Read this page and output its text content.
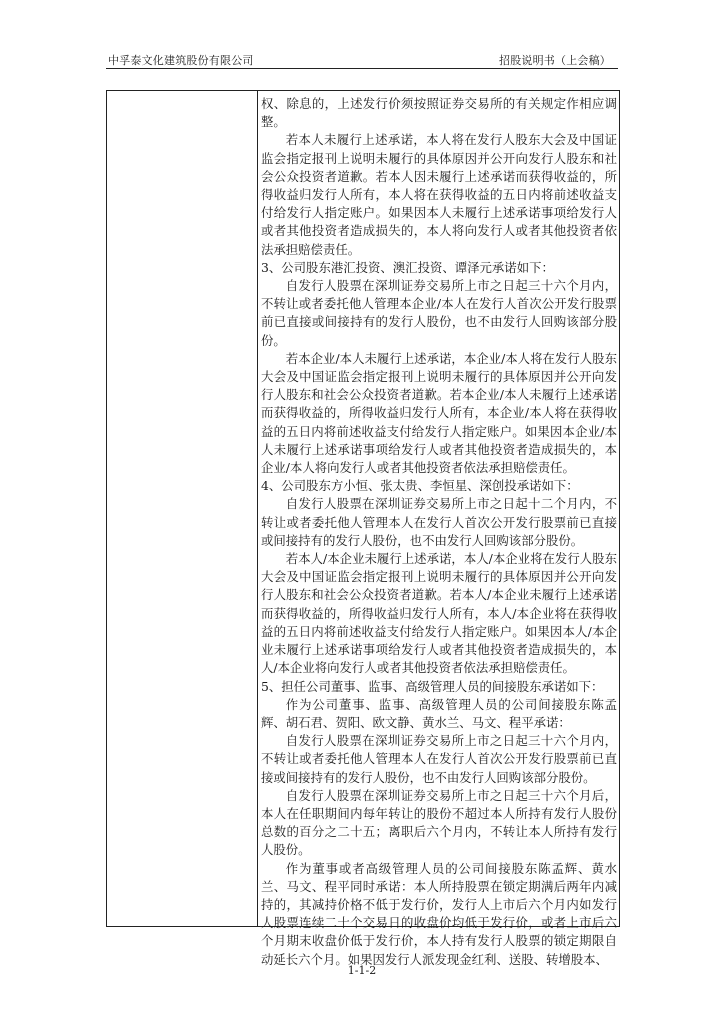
中孚泰文化建筑股份有限公司	招股说明书（上会稿）

权、除息的，上述发行价须按照证券交易所的有关规定作相应调整。

若本人未履行上述承诺，本人将在发行人股东大会及中国证监会指定报刊上说明未履行的具体原因并公开向发行人股东和社会公众投资者道歉。若本人因未履行上述承诺而获得收益的，所得收益归发行人所有，本人将在获得收益的五日内将前述收益支付给发行人指定账户。如果因本人未履行上述承诺事项给发行人或者其他投资者造成损失的，本人将向发行人或者其他投资者依法承担赔偿责任。

3、公司股东港汇投资、澳汇投资、谭泽元承诺如下：

自发行人股票在深圳证券交易所上市之日起三十六个月内，不转让或者委托他人管理本企业/本人在发行人首次公开发行股票前已直接或间接持有的发行人股份，也不由发行人回购该部分股份。

若本企业/本人未履行上述承诺，本企业/本人将在发行人股东大会及中国证监会指定报刊上说明未履行的具体原因并公开向发行人股东和社会公众投资者道歉。若本企业/本人未履行上述承诺而获得收益的，所得收益归发行人所有，本企业/本人将在获得收益的五日内将前述收益支付给发行人指定账户。如果因本企业/本人未履行上述承诺事项给发行人或者其他投资者造成损失的，本企业/本人将向发行人或者其他投资者依法承担赔偿责任。

4、公司股东方小恒、张太贵、李恒星、深创投承诺如下：

自发行人股票在深圳证券交易所上市之日起十二个月内，不转让或者委托他人管理本人在发行人首次公开发行股票前已直接或间接持有的发行人股份，也不由发行人回购该部分股份。

若本人/本企业未履行上述承诺，本人/本企业将在发行人股东大会及中国证监会指定报刊上说明未履行的具体原因并公开向发行人股东和社会公众投资者道歉。若本人/本企业未履行上述承诺而获得收益的，所得收益归发行人所有，本人/本企业将在获得收益的五日内将前述收益支付给发行人指定账户。如果因本人/本企业未履行上述承诺事项给发行人或者其他投资者造成损失的，本人/本企业将向发行人或者其他投资者依法承担赔偿责任。

5、担任公司董事、监事、高级管理人员的间接股东承诺如下：

作为公司董事、监事、高级管理人员的公司间接股东陈孟辉、胡石君、贺阳、欧文静、黄水兰、马文、程平承诺：

自发行人股票在深圳证券交易所上市之日起三十六个月内，不转让或者委托他人管理本人在发行人首次公开发行股票前已直接或间接持有的发行人股份，也不由发行人回购该部分股份。

自发行人股票在深圳证券交易所上市之日起三十六个月后，本人在任职期间内每年转让的股份不超过本人所持有发行人股份总数的百分之二十五；离职后六个月内，不转让本人所持有发行人股份。

作为董事或者高级管理人员的公司间接股东陈孟辉、黄水兰、马文、程平同时承诺：本人所持股票在锁定期满后两年内减持的，其减持价格不低于发行价，发行人上市后六个月内如发行人股票连续二十个交易日的收盘价均低于发行价，或者上市后六个月期末收盘价低于发行价，本人持有发行人股票的锁定期限自动延长六个月。如果因发行人派发现金红利、送股、转增股本、

1-1-2
